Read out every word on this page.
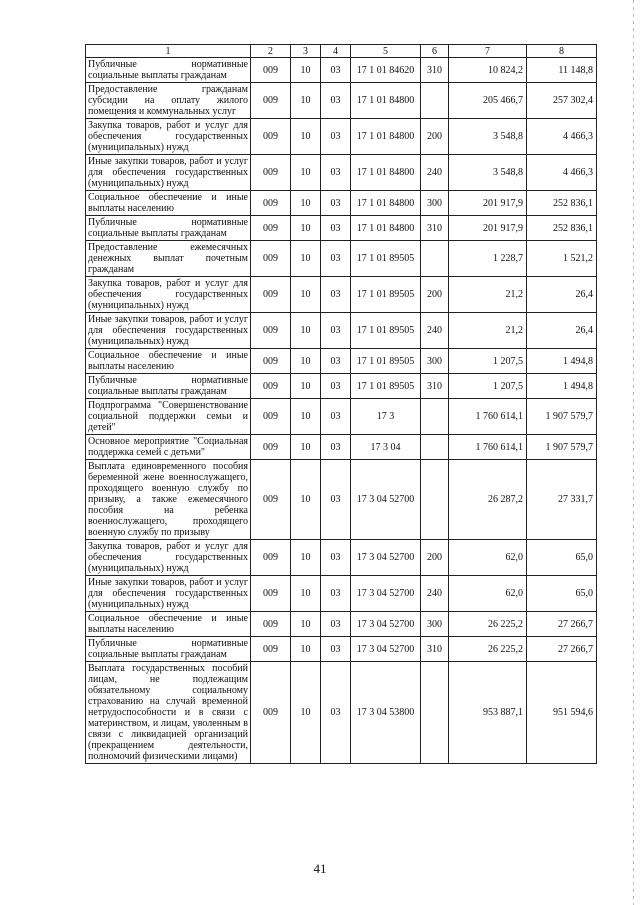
1	2	3	4	5	6	7	8
Публичные нормативные социальные выплаты гражданам	009	10	03	17 1 01 84620	310	10 824,2	11 148,8
Предоставление гражданам субсидии на оплату жилого помещения и коммунальных услуг	009	10	03	17 1 01 84800		205 466,7	257 302,4
Закупка товаров, работ и услуг для обеспечения государственных (муниципальных) нужд	009	10	03	17 1 01 84800	200	3 548,8	4 466,3
Иные закупки товаров, работ и услуг для обеспечения государственных (муниципальных) нужд	009	10	03	17 1 01 84800	240	3 548,8	4 466,3
Социальное обеспечение и иные выплаты населению	009	10	03	17 1 01 84800	300	201 917,9	252 836,1
Публичные нормативные социальные выплаты гражданам	009	10	03	17 1 01 84800	310	201 917,9	252 836,1
Предоставление ежемесячных денежных выплат почетным гражданам	009	10	03	17 1 01 89505		1 228,7	1 521,2
Закупка товаров, работ и услуг для обеспечения государственных (муниципальных) нужд	009	10	03	17 1 01 89505	200	21,2	26,4
Иные закупки товаров, работ и услуг для обеспечения государственных (муниципальных) нужд	009	10	03	17 1 01 89505	240	21,2	26,4
Социальное обеспечение и иные выплаты населению	009	10	03	17 1 01 89505	300	1 207,5	1 494,8
Публичные нормативные социальные выплаты гражданам	009	10	03	17 1 01 89505	310	1 207,5	1 494,8
Подпрограмма "Совершенствование социальной поддержки семьи и детей"	009	10	03	17 3		1 760 614,1	1 907 579,7
Основное мероприятие "Социальная поддержка семей с детьми"	009	10	03	17 3 04		1 760 614,1	1 907 579,7
Выплата единовременного пособия беременной жене военнослужащего, проходящего военную службу по призыву, а также ежемесячного пособия на ребенка военнослужащего, проходящего военную службу по призыву	009	10	03	17 3 04 52700		26 287,2	27 331,7
Закупка товаров, работ и услуг для обеспечения государственных (муниципальных) нужд	009	10	03	17 3 04 52700	200	62,0	65,0
Иные закупки товаров, работ и услуг для обеспечения государственных (муниципальных) нужд	009	10	03	17 3 04 52700	240	62,0	65,0
Социальное обеспечение и иные выплаты населению	009	10	03	17 3 04 52700	300	26 225,2	27 266,7
Публичные нормативные социальные выплаты гражданам	009	10	03	17 3 04 52700	310	26 225,2	27 266,7
Выплата государственных пособий лицам, не подлежащим обязательному социальному страхованию на случай временной нетрудоспособности и в связи с материнством, и лицам, уволенным в связи с ликвидацией организаций (прекращением деятельности, полномочий физическими лицами)	009	10	03	17 3 04 53800		953 887,1	951 594,6
41
